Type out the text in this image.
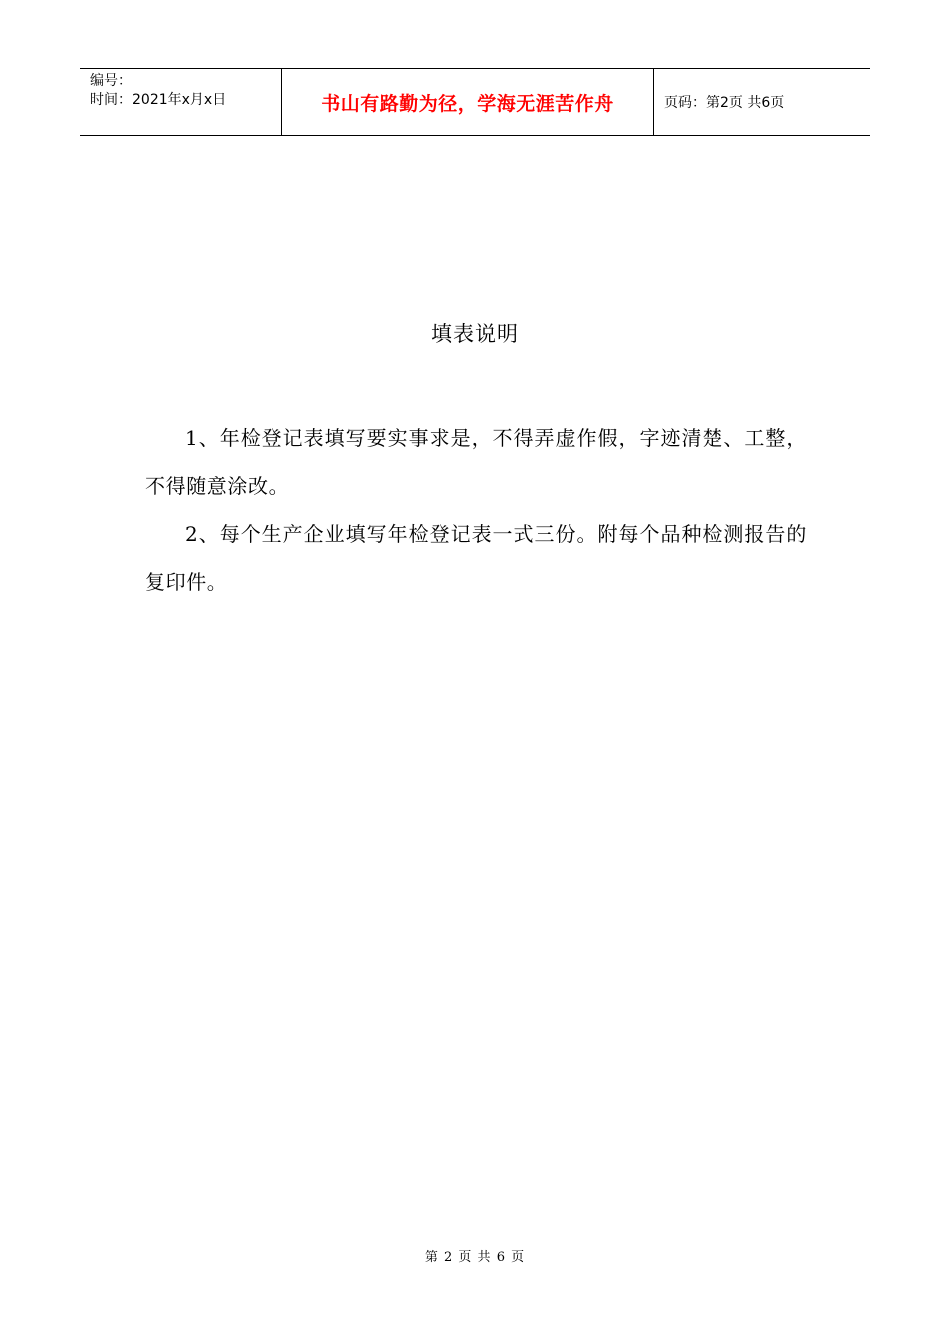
编号：
时间：2021年x月x日	书山有路勤为径，学海无涯苦作舟	页码：第2页 共6页
填表说明

1、年检登记表填写要实事求是，不得弄虚作假，字迹清楚、工整，不得随意涂改。

2、每个生产企业填写年检登记表一式三份。附每个品种检测报告的复印件。

第 2 页 共 6 页
